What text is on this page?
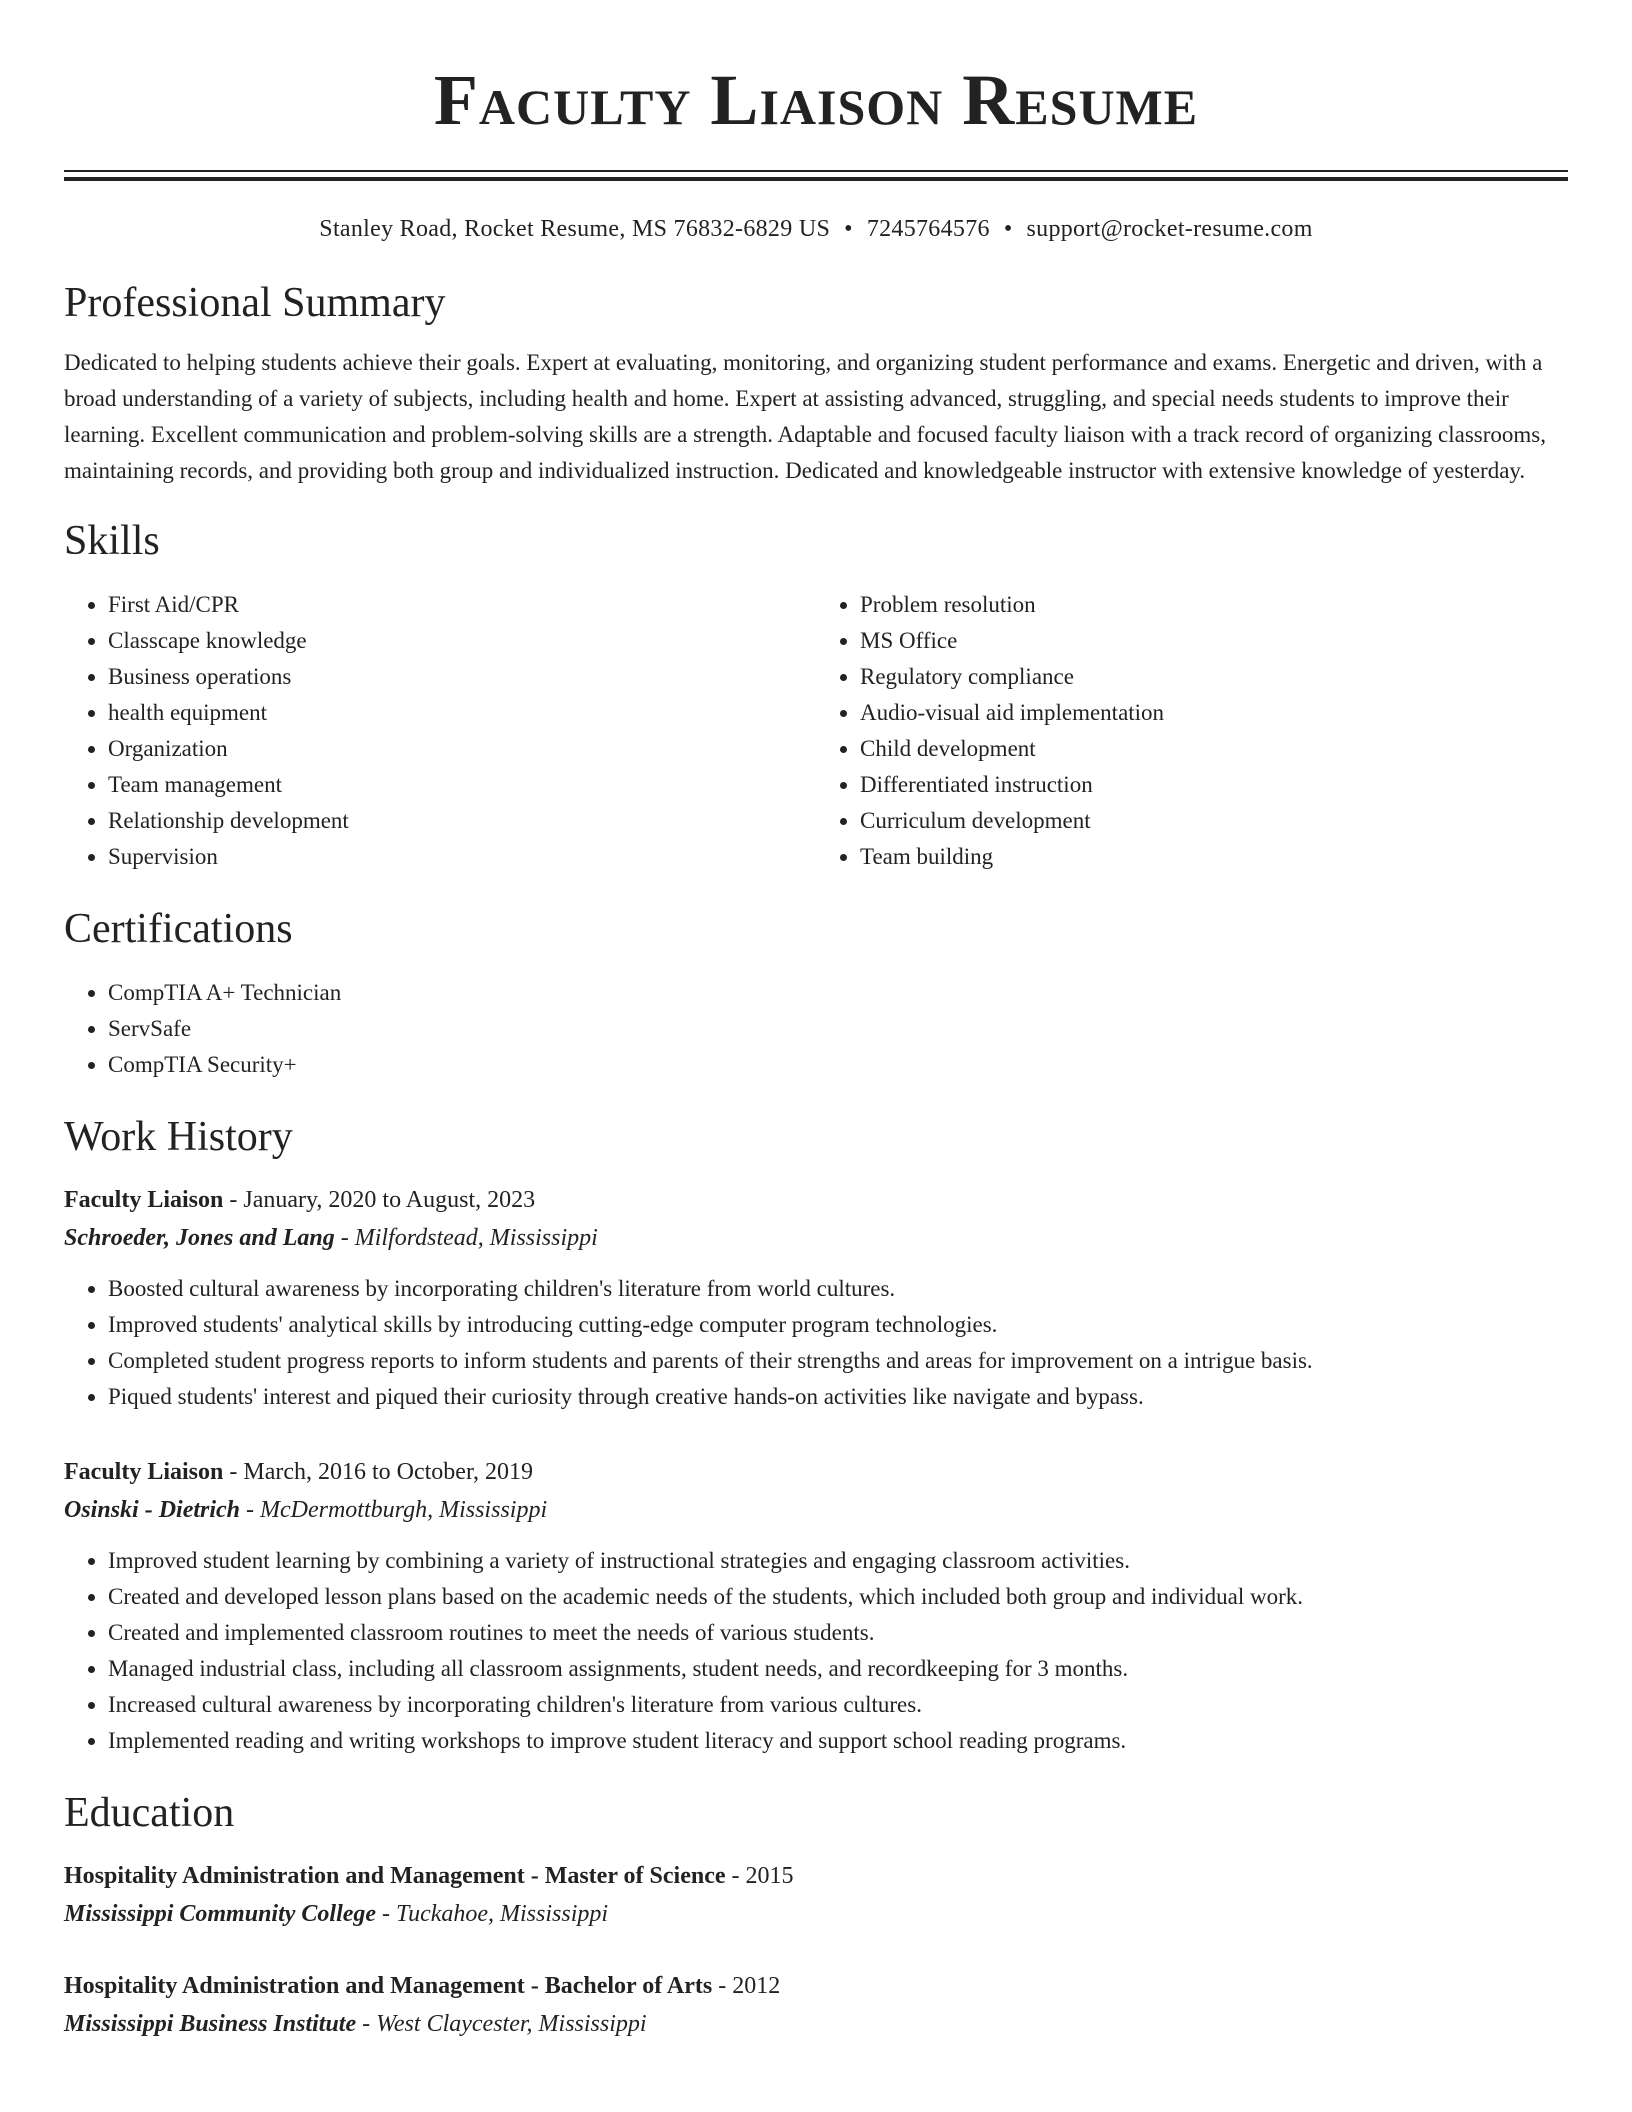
Faculty Liaison Resume
Stanley Road, Rocket Resume, MS 76832-6829 US • 7245764576 • support@rocket-resume.com
Professional Summary
Dedicated to helping students achieve their goals. Expert at evaluating, monitoring, and organizing student performance and exams. Energetic and driven, with a broad understanding of a variety of subjects, including health and home. Expert at assisting advanced, struggling, and special needs students to improve their learning. Excellent communication and problem-solving skills are a strength. Adaptable and focused faculty liaison with a track record of organizing classrooms, maintaining records, and providing both group and individualized instruction. Dedicated and knowledgeable instructor with extensive knowledge of yesterday.
Skills
• First Aid/CPR
• Classcape knowledge
• Business operations
• health equipment
• Organization
• Team management
• Relationship development
• Supervision
• Problem resolution
• MS Office
• Regulatory compliance
• Audio-visual aid implementation
• Child development
• Differentiated instruction
• Curriculum development
• Team building
Certifications
• CompTIA A+ Technician
• ServSafe
• CompTIA Security+
Work History
Faculty Liaison - January, 2020 to August, 2023
Schroeder, Jones and Lang - Milfordstead, Mississippi
• Boosted cultural awareness by incorporating children's literature from world cultures.
• Improved students' analytical skills by introducing cutting-edge computer program technologies.
• Completed student progress reports to inform students and parents of their strengths and areas for improvement on a intrigue basis.
• Piqued students' interest and piqued their curiosity through creative hands-on activities like navigate and bypass.
Faculty Liaison - March, 2016 to October, 2019
Osinski - Dietrich - McDermottburgh, Mississippi
• Improved student learning by combining a variety of instructional strategies and engaging classroom activities.
• Created and developed lesson plans based on the academic needs of the students, which included both group and individual work.
• Created and implemented classroom routines to meet the needs of various students.
• Managed industrial class, including all classroom assignments, student needs, and recordkeeping for 3 months.
• Increased cultural awareness by incorporating children's literature from various cultures.
• Implemented reading and writing workshops to improve student literacy and support school reading programs.
Education
Hospitality Administration and Management - Master of Science - 2015
Mississippi Community College - Tuckahoe, Mississippi
Hospitality Administration and Management - Bachelor of Arts - 2012
Mississippi Business Institute - West Claycester, Mississippi
